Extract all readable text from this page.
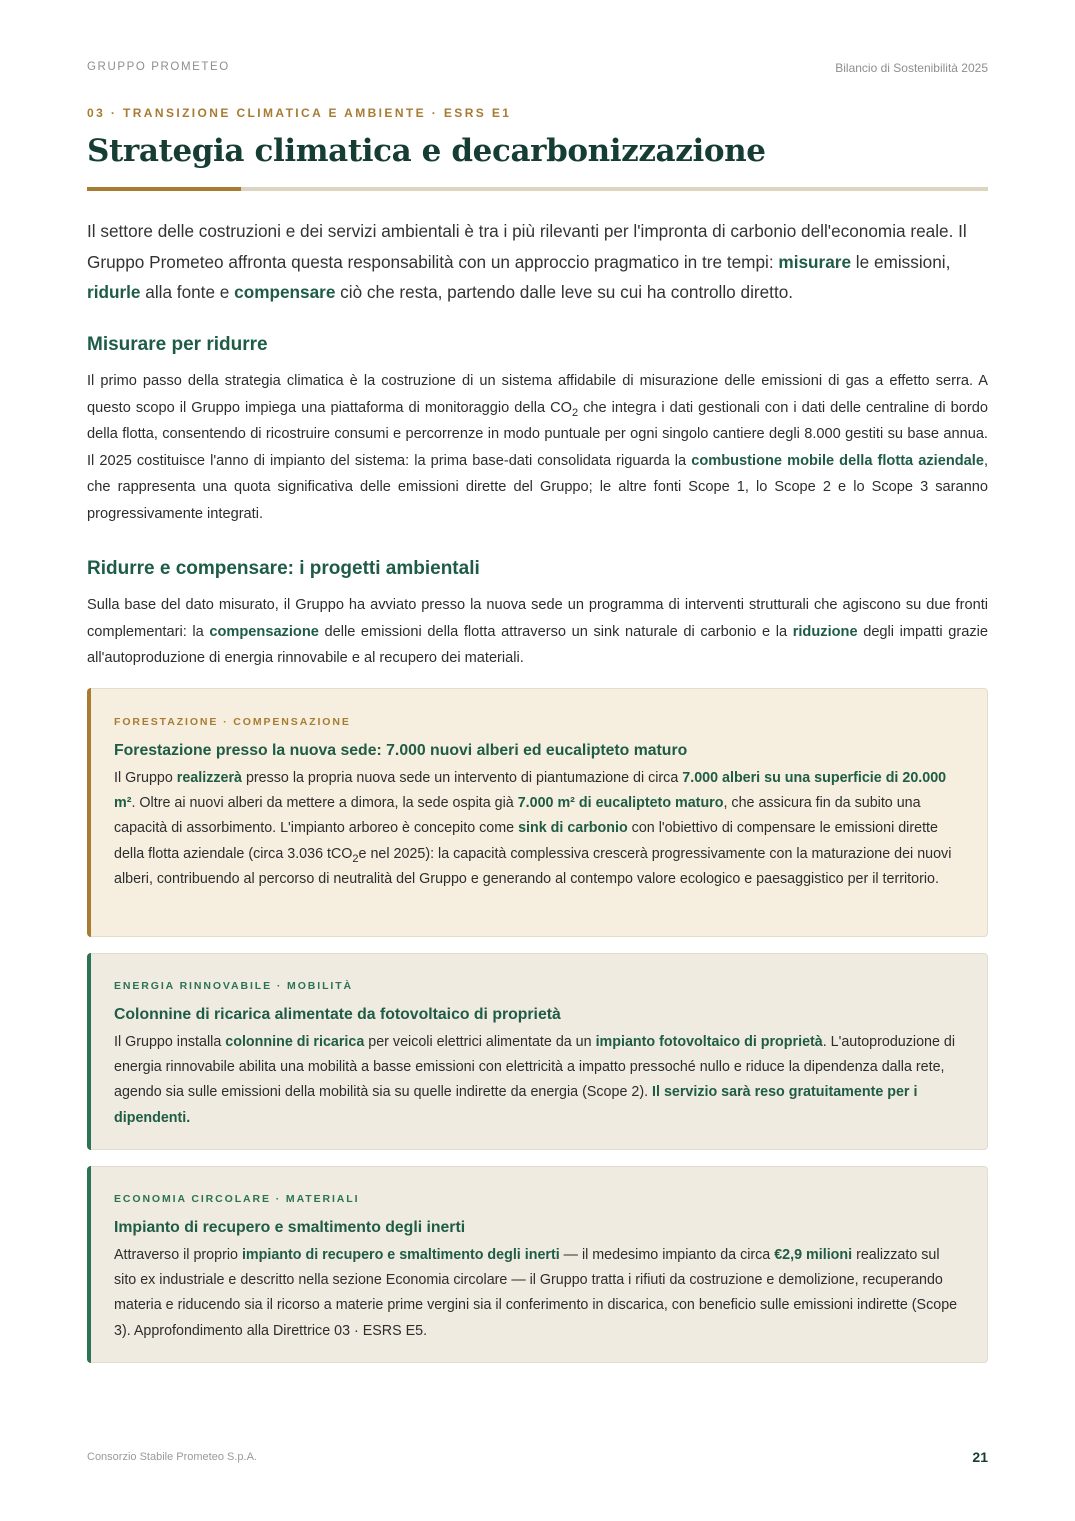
GRUPPO PROMETEO	Bilancio di Sostenibilità 2025
03 · TRANSIZIONE CLIMATICA E AMBIENTE · ESRS E1
Strategia climatica e decarbonizzazione

Il settore delle costruzioni e dei servizi ambientali è tra i più rilevanti per l'impronta di carbonio dell'economia reale. Il Gruppo Prometeo affronta questa responsabilità con un approccio pragmatico in tre tempi: misurare le emissioni, ridurle alla fonte e compensare ciò che resta, partendo dalle leve su cui ha controllo diretto.

Misurare per ridurre

Il primo passo della strategia climatica è la costruzione di un sistema affidabile di misurazione delle emissioni di gas a effetto serra. A questo scopo il Gruppo impiega una piattaforma di monitoraggio della $CO_2$ che integra i dati gestionali con i dati delle centraline di bordo della flotta, consentendo di ricostruire consumi e percorrenze in modo puntuale per ogni singolo cantiere degli 8.000 gestiti su base annua. Il 2025 costituisce l'anno di impianto del sistema: la prima base-dati consolidata riguarda la combustione mobile della flotta aziendale, che rappresenta una quota significativa delle emissioni dirette del Gruppo; le altre fonti Scope 1, lo Scope 2 e lo Scope 3 saranno progressivamente integrati.

Ridurre e compensare: i progetti ambientali

Sulla base del dato misurato, il Gruppo ha avviato presso la nuova sede un programma di interventi strutturali che agiscono su due fronti complementari: la compensazione delle emissioni della flotta attraverso un sink naturale di carbonio e la riduzione degli impatti grazie all'autoproduzione di energia rinnovabile e al recupero dei materiali.

FORESTAZIONE · COMPENSAZIONE
Forestazione presso la nuova sede: 7.000 nuovi alberi ed eucalipteto maturo

Il Gruppo realizzerà presso la propria nuova sede un intervento di piantumazione di circa 7.000 alberi su una superficie di 20.000 m². Oltre ai nuovi alberi da mettere a dimora, la sede ospita già 7.000 m² di eucalipteto maturo, che assicura fin da subito una capacità di assorbimento. L'impianto arboreo è concepito come sink di carbonio con l'obiettivo di compensare le emissioni dirette della flotta aziendale (circa 3.036 tCO$_2$e nel 2025): la capacità complessiva crescerà progressivamente con la maturazione dei nuovi alberi, contribuendo al percorso di neutralità del Gruppo e generando al contempo valore ecologico e paesaggistico per il territorio.

ENERGIA RINNOVABILE · MOBILITÀ
Colonnine di ricarica alimentate da fotovoltaico di proprietà

Il Gruppo installa colonnine di ricarica per veicoli elettrici alimentate da un impianto fotovoltaico di proprietà. L'autoproduzione di energia rinnovabile abilita una mobilità a basse emissioni con elettricità a impatto pressoché nullo e riduce la dipendenza dalla rete, agendo sia sulle emissioni della mobilità sia su quelle indirette da energia (Scope 2). Il servizio sarà reso gratuitamente per i dipendenti.

ECONOMIA CIRCOLARE · MATERIALI
Impianto di recupero e smaltimento degli inerti

Attraverso il proprio impianto di recupero e smaltimento degli inerti — il medesimo impianto da circa €2,9 milioni realizzato sul sito ex industriale e descritto nella sezione Economia circolare — il Gruppo tratta i rifiuti da costruzione e demolizione, recuperando materia e riducendo sia il ricorso a materie prime vergini sia il conferimento in discarica, con beneficio sulle emissioni indirette (Scope 3). Approfondimento alla Direttrice 03 · ESRS E5.

Consorzio Stabile Prometeo S.p.A.	21
